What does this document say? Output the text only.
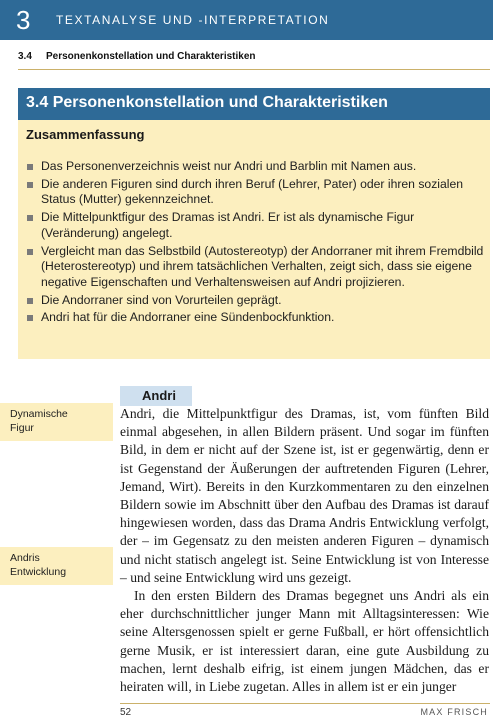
3 TEXTANALYSE UND -INTERPRETATION
3.4 Personenkonstellation und Charakteristiken
3.4 Personenkonstellation und Charakteristiken
Zusammenfassung
Das Personenverzeichnis weist nur Andri und Barblin mit Namen aus.
Die anderen Figuren sind durch ihren Beruf (Lehrer, Pater) oder ihren sozialen Status (Mutter) gekennzeichnet.
Die Mittelpunktfigur des Dramas ist Andri. Er ist als dynamische Figur (Veränderung) angelegt.
Vergleicht man das Selbstbild (Autostereotyp) der Andorraner mit ihrem Fremdbild (Heterostereotyp) und ihrem tatsächlichen Verhalten, zeigt sich, dass sie eigene negative Eigenschaften und Verhaltensweisen auf Andri projizieren.
Die Andorraner sind von Vorurteilen geprägt.
Andri hat für die Andorraner eine Sündenbockfunktion.
Dynamische
Figur
Andris
Entwicklung
Andri

Andri, die Mittelpunktfigur des Dramas, ist, vom fünften Bild einmal abgesehen, in allen Bildern präsent. Und sogar im fünften Bild, in dem er nicht auf der Szene ist, ist er gegenwärtig, denn er ist Gegenstand der Äußerungen der auftretenden Figuren (Lehrer, Jemand, Wirt). Bereits in den Kurzkommentaren zu den einzelnen Bildern sowie im Abschnitt über den Aufbau des Dramas ist darauf hingewiesen worden, dass das Drama Andris Entwicklung verfolgt, der – im Gegensatz zu den meisten anderen Figuren – dynamisch und nicht statisch angelegt ist. Seine Entwicklung ist von Interesse – und seine Entwicklung wird uns gezeigt.

In den ersten Bildern des Dramas begegnet uns Andri als ein eher durchschnittlicher junger Mann mit Alltagsinteressen: Wie seine Altersgenossen spielt er gerne Fußball, er hört offensichtlich gerne Musik, er ist interessiert daran, eine gute Ausbildung zu machen, lernt deshalb eifrig, ist einem jungen Mädchen, das er heiraten will, in Liebe zugetan. Alles in allem ist er ein junger

52	MAX FRISCH
